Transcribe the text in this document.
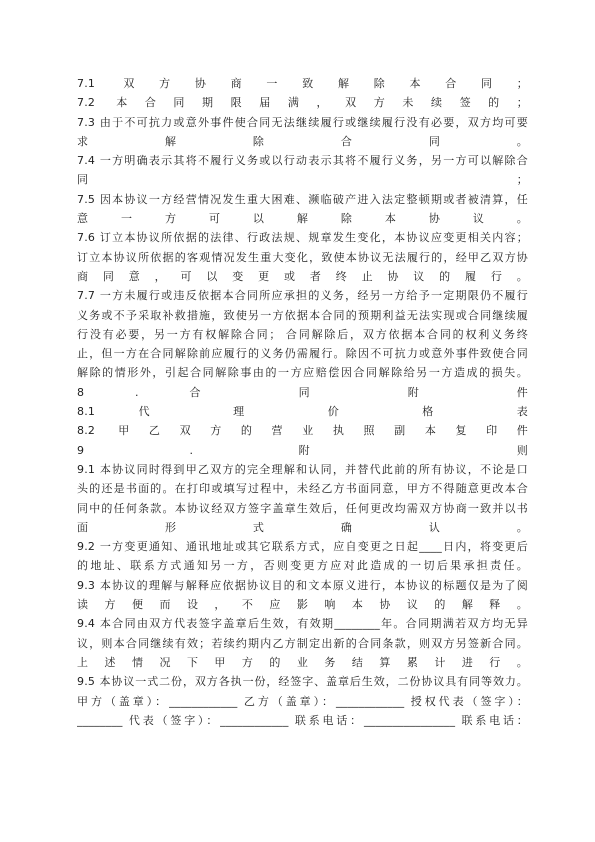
7.1 双方协商一致解除本合同；
7.2 本合同期限届满，双方未续签的；
7.3 由于不可抗力或意外事件使合同无法继续履行或继续履行没有必要，双方均可要
求 解 除 合 同 。
7.4 一方明确表示其将不履行义务或以行动表示其将不履行义务，另一方可以解除合
同 ；
7.5 因本协议一方经营情况发生重大困难、濒临破产进入法定整顿期或者被清算，任
意 一 方 可 以 解 除 本 协 议 。
7.6 订立本协议所依据的法律、行政法规、规章发生变化，本协议应变更相关内容；
订立本协议所依据的客观情况发生重大变化，致使本协议无法履行的，经甲乙双方协
商同意，可以变更或者终止协议的履行。
7.7 一方未履行或违反依据本合同所应承担的义务，经另一方给予一定期限仍不履行
义务或不予采取补救措施，致使另一方依据本合同的预期利益无法实现或合同继续履
行没有必要，另一方有权解除合同； 合同解除后，双方依据本合同的权利义务终
止，但一方在合同解除前应履行的义务仍需履行。除因不可抗力或意外事件致使合同
解除的情形外，引起合同解除事由的一方应赔偿因合同解除给另一方造成的损失。
8 . 合 同 附 件
8.1 代 理 价 格 表
8.2 甲乙双方的营业执照副本复印件
9 . 附 则
9.1 本协议同时得到甲乙双方的完全理解和认同，并替代此前的所有协议，不论是口
头的还是书面的。在打印或填写过程中，未经乙方书面同意，甲方不得随意更改本合
同中的任何条款。本协议经双方签字盖章生效后，任何更改均需双方协商一致并以书
面 形 式 确 认 。
9.2 一方变更通知、通讯地址或其它联系方式，应自变更之日起____日内，将变更后
的地址、联系方式通知另一方，否则变更方应对此造成的一切后果承担责任。
9.3 本协议的理解与解释应依据协议目的和文本原义进行，本协议的标题仅是为了阅
读方便而设，不应影响本协议的解释。
9.4 本合同由双方代表签字盖章后生效，有效期________年。合同期满若双方均无异
议，则本合同继续有效；若续约期内乙方制定出新的合同条款，则双方另签新合同。
上述情况下甲方的业务结算累计进行。
9.5 本协议一式二份，双方各执一份，经签字、盖章后生效，二份协议具有同等效力。
甲方（盖章）：____________ 乙方（盖章）：____________ 授权代表（签字）：
________ 代表（签字）：____________ 联系电话：________________ 联系电话：
